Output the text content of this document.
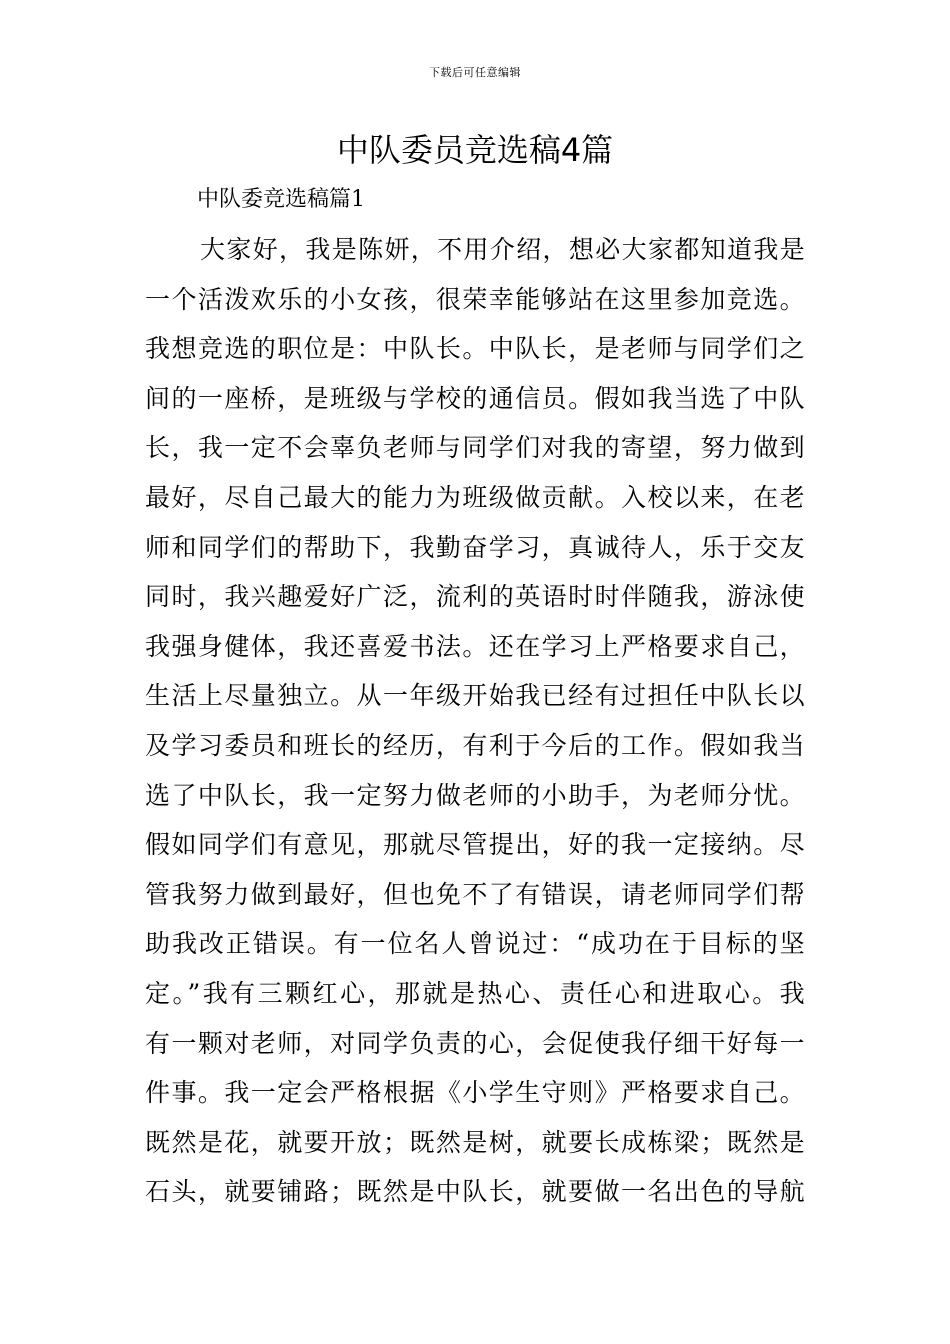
下载后可任意编辑
中队委员竞选稿4篇

中队委竞选稿篇1

大家好，我是陈妍，不用介绍，想必大家都知道我是
一个活泼欢乐的小女孩，很荣幸能够站在这里参加竞选。
我想竞选的职位是：中队长。中队长，是老师与同学们之
间的一座桥，是班级与学校的通信员。假如我当选了中队
长，我一定不会辜负老师与同学们对我的寄望，努力做到
最好，尽自己最大的能力为班级做贡献。入校以来，在老
师和同学们的帮助下，我勤奋学习，真诚待人，乐于交友
同时，我兴趣爱好广泛，流利的英语时时伴随我，游泳使
我强身健体，我还喜爱书法。还在学习上严格要求自己，
生活上尽量独立。从一年级开始我已经有过担任中队长以
及学习委员和班长的经历，有利于今后的工作。假如我当
选了中队长，我一定努力做老师的小助手，为老师分忧。
假如同学们有意见，那就尽管提出，好的我一定接纳。尽
管我努力做到最好，但也免不了有错误，请老师同学们帮
助我改正错误。有一位名人曾说过：“成功在于目标的坚
定。”我有三颗红心，那就是热心、责任心和进取心。我
有一颗对老师，对同学负责的心，会促使我仔细干好每一
件事。我一定会严格根据《小学生守则》严格要求自己。
既然是花，就要开放；既然是树，就要长成栋梁；既然是
石头，就要铺路；既然是中队长，就要做一名出色的导航
